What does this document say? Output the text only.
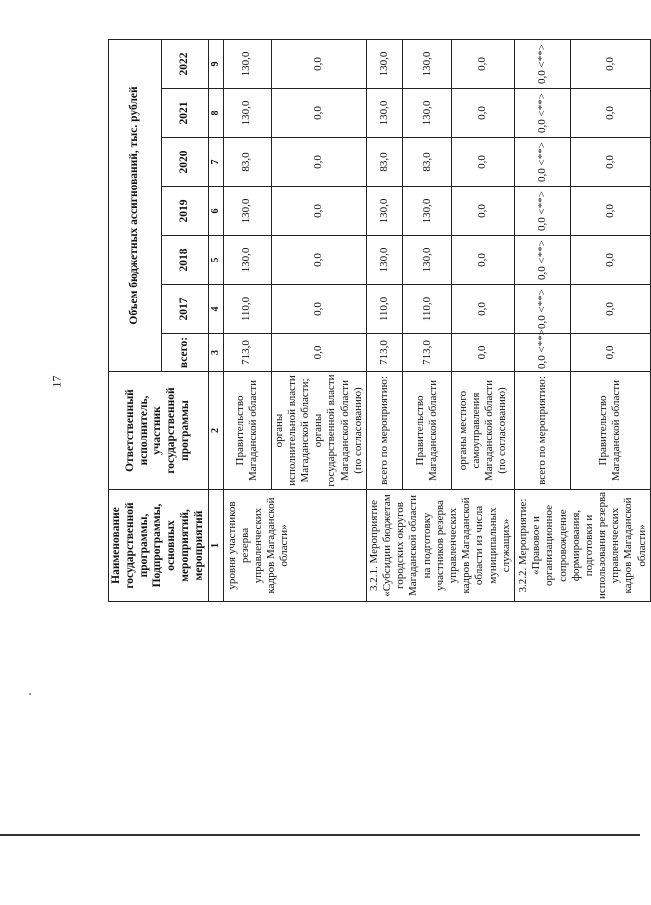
17
Наименование государственной программы, Подпрограммы, основных мероприятий, мероприятий	Ответственный исполнитель, участник государственной программы	Объем бюджетных ассигнований, тыс. рублей						
		всего:	2017	2018	2019	2020	2021	2022
1	2	3	4	5	6	7	8	9
уровня участников резерва управленческих кадров Магаданской области»	Правительство Магаданской области	713,0	110,0	130,0	130,0	83,0	130,0	130,0
	органы исполнительной власти Магаданской области; органы государственной власти Магаданской области (по согласованию)	0,0	0,0	0,0	0,0	0,0	0,0	0,0
3.2.1. Мероприятие «Субсидии бюджетам городских округов Магаданской области на подготовку участников резерва управленческих кадров Магаданской области из числа муниципальных служащих»	всего по мероприятию:	713,0	110,0	130,0	130,0	83,0	130,0	130,0
	Правительство Магаданской области	713,0	110,0	130,0	130,0	83,0	130,0	130,0
	органы местного самоуправления Магаданской области (по согласованию)	0,0	0,0	0,0	0,0	0,0	0,0	0,0
3.2.2. Мероприятие: «Правовое и организационное сопровождение формирования, подготовки и использования резерва управленческих кадров Магаданской области»	всего по мероприятию:	0,0 <**>	0,0 <**>	0,0 <**>	0,0 <**>	0,0 <**>	0,0 <**>	0,0 <**>
	Правительство Магаданской области	0,0	0,0	0,0	0,0	0,0	0,0	0,0
